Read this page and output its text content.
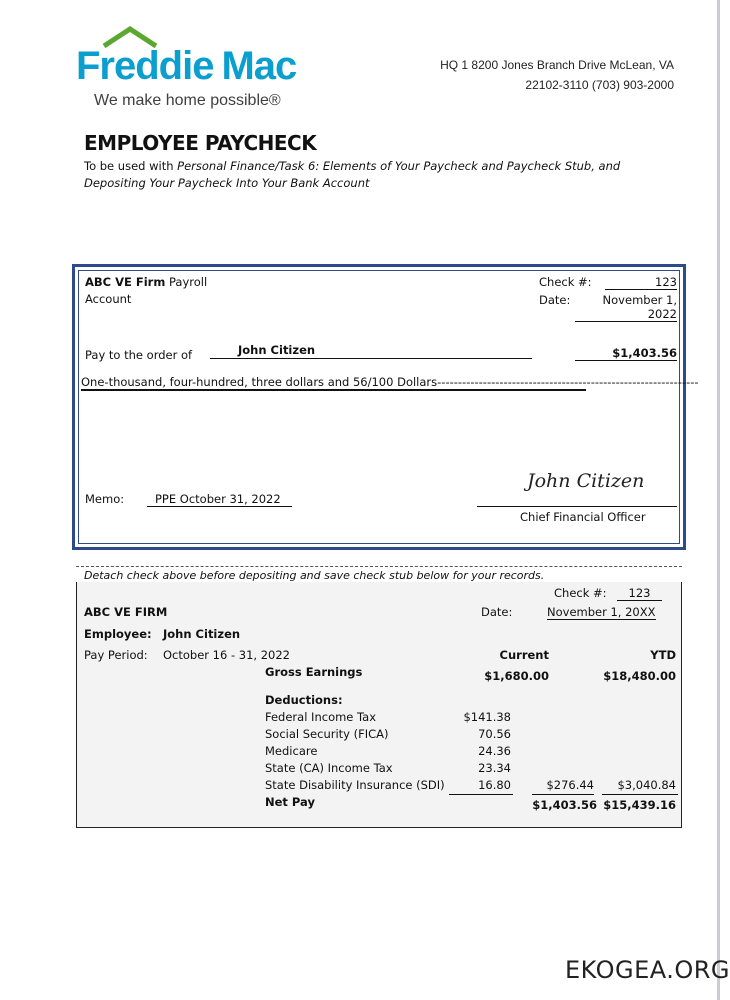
Freddie Mac
We make home possible®
HQ 1 8200 Jones Branch Drive McLean, VA
22102-3110 (703) 903-2000
EMPLOYEE PAYCHECK
To be used with Personal Finance/Task 6: Elements of Your Paycheck and Paycheck Stub, and Depositing Your Paycheck Into Your Bank Account
ABC VE Firm Payroll
Account
Check #:	123
Date:	November 1, 2022
Pay to the order of	John Citizen	$1,403.56
One-thousand, four-hundred, three dollars and 56/100 Dollars---------------------------------------------------------------
Memo:	PPE October 31, 2022
John Citizen
Chief Financial Officer
Detach check above before depositing and save check stub below for your records.
Check #:	123
ABC VE FIRM	Date:	November 1, 20XX
Employee: John Citizen
Pay Period: October 16 - 31, 2022	Current	YTD
Gross Earnings	$1,680.00	$18,480.00
Deductions:
Federal Income Tax	$141.38
Social Security (FICA)	70.56
Medicare	24.36
State (CA) Income Tax	23.34
State Disability Insurance (SDI)	16.80	$276.44	$3,040.84
Net Pay	$1,403.56 $15,439.16
EKOGEA.ORG
